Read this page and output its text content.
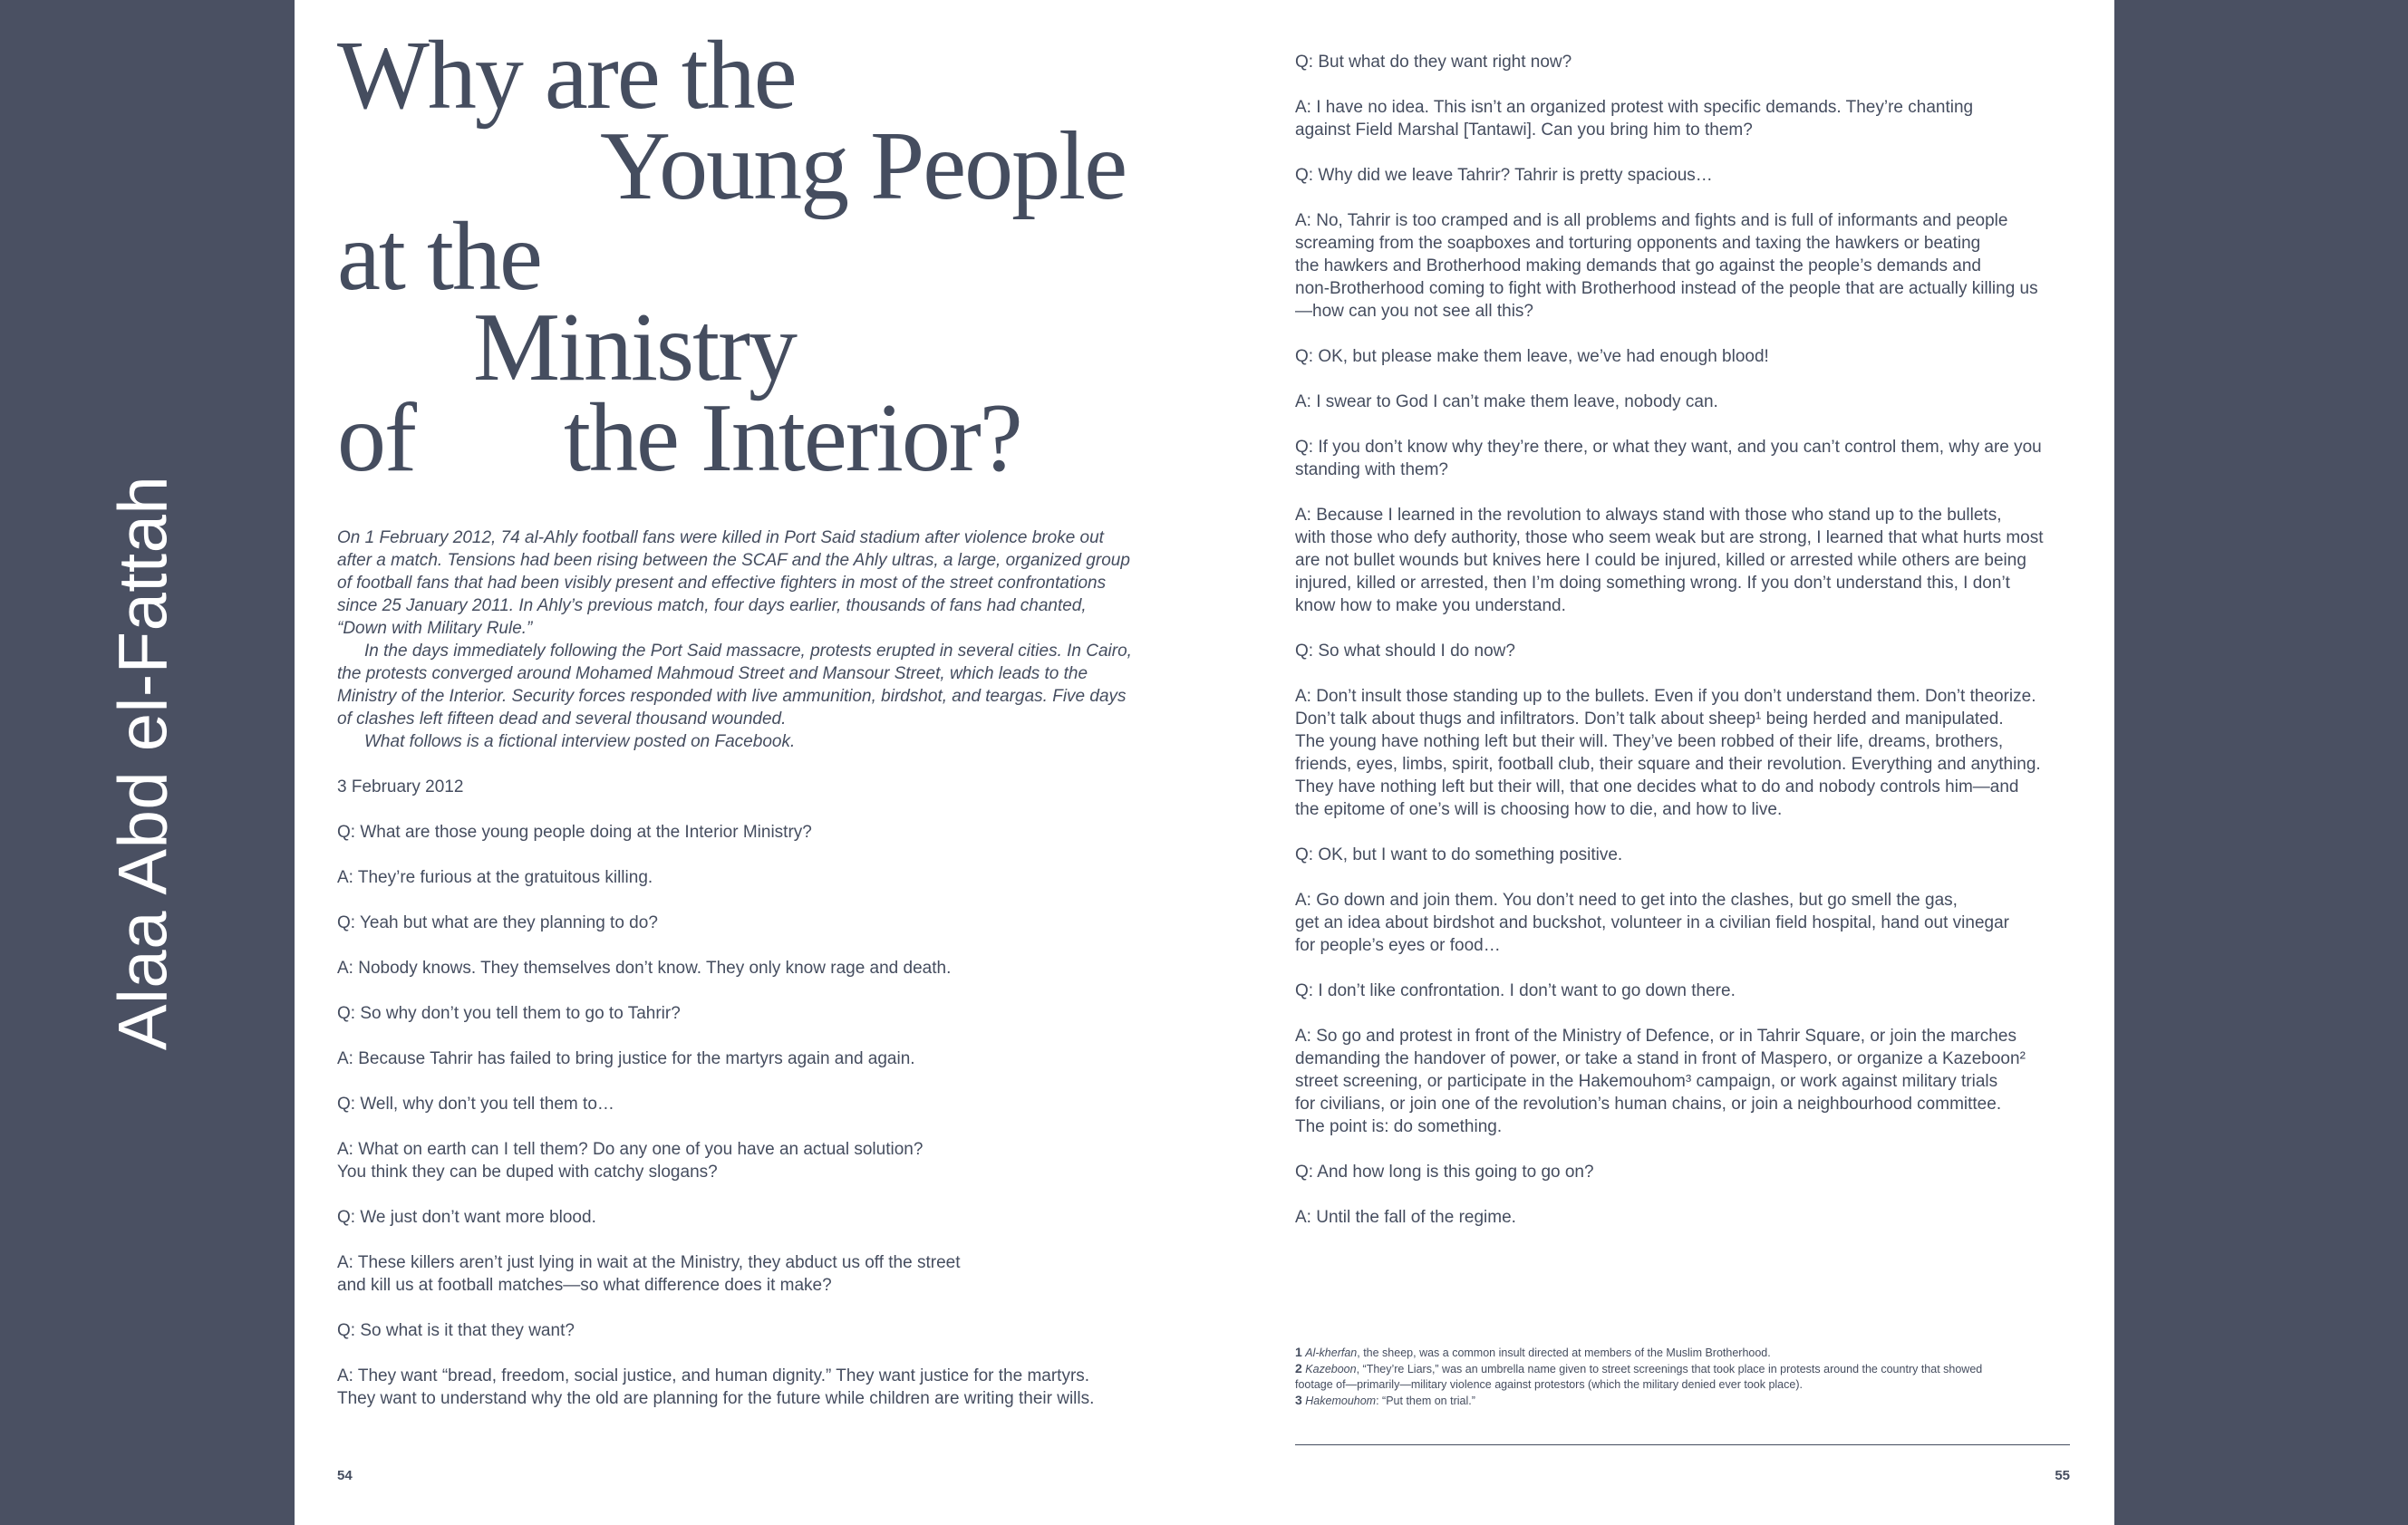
Alaa Abd el-Fattah
Why are the
Young People
at the
Ministry
of the Interior?

On 1 February 2012, 74 al-Ahly football fans were killed in Port Said stadium after violence broke out after a match. Tensions had been rising between the SCAF and the Ahly ultras, a large, organized group of football fans that had been visibly present and effective fighters in most of the street confrontations since 25 January 2011. In Ahly’s previous match, four days earlier, thousands of fans had chanted, “Down with Military Rule.”

In the days immediately following the Port Said massacre, protests erupted in several cities. In Cairo, the protests converged around Mohamed Mahmoud Street and Mansour Street, which leads to the Ministry of the Interior. Security forces responded with live ammunition, birdshot, and teargas. Five days of clashes left fifteen dead and several thousand wounded.

What follows is a fictional interview posted on Facebook.

3 February 2012

Q: What are those young people doing at the Interior Ministry?

A: They’re furious at the gratuitous killing.

Q: Yeah but what are they planning to do?

A: Nobody knows. They themselves don’t know. They only know rage and death.

Q: So why don’t you tell them to go to Tahrir?

A: Because Tahrir has failed to bring justice for the martyrs again and again.

Q: Well, why don’t you tell them to…

A: What on earth can I tell them? Do any one of you have an actual solution?
You think they can be duped with catchy slogans?

Q: We just don’t want more blood.

A: These killers aren’t just lying in wait at the Ministry, they abduct us off the street
and kill us at football matches—so what difference does it make?

Q: So what is it that they want?

A: They want “bread, freedom, social justice, and human dignity.” They want justice for the martyrs.
They want to understand why the old are planning for the future while children are writing their wills.

Q: But what do they want right now?

A: I have no idea. This isn’t an organized protest with specific demands. They’re chanting
against Field Marshal [Tantawi]. Can you bring him to them?

Q: Why did we leave Tahrir? Tahrir is pretty spacious…

A: No, Tahrir is too cramped and is all problems and fights and is full of informants and people
screaming from the soapboxes and torturing opponents and taxing the hawkers or beating
the hawkers and Brotherhood making demands that go against the people’s demands and
non-Brotherhood coming to fight with Brotherhood instead of the people that are actually killing us
—how can you not see all this?

Q: OK, but please make them leave, we’ve had enough blood!

A: I swear to God I can’t make them leave, nobody can.

Q: If you don’t know why they’re there, or what they want, and you can’t control them, why are you
standing with them?

A: Because I learned in the revolution to always stand with those who stand up to the bullets,
with those who defy authority, those who seem weak but are strong, I learned that what hurts most
are not bullet wounds but knives here I could be injured, killed or arrested while others are being
injured, killed or arrested, then I’m doing something wrong. If you don’t understand this, I don’t
know how to make you understand.

Q: So what should I do now?

A: Don’t insult those standing up to the bullets. Even if you don’t understand them. Don’t theorize.
Don’t talk about thugs and infiltrators. Don’t talk about sheep¹ being herded and manipulated.
The young have nothing left but their will. They’ve been robbed of their life, dreams, brothers,
friends, eyes, limbs, spirit, football club, their square and their revolution. Everything and anything.
They have nothing left but their will, that one decides what to do and nobody controls him—and
the epitome of one’s will is choosing how to die, and how to live.

Q: OK, but I want to do something positive.

A: Go down and join them. You don’t need to get into the clashes, but go smell the gas,
get an idea about birdshot and buckshot, volunteer in a civilian field hospital, hand out vinegar
for people’s eyes or food…

Q: I don’t like confrontation. I don’t want to go down there.

A: So go and protest in front of the Ministry of Defence, or in Tahrir Square, or join the marches
demanding the handover of power, or take a stand in front of Maspero, or organize a Kazeboon²
street screening, or participate in the Hakemouhom³ campaign, or work against military trials
for civilians, or join one of the revolution’s human chains, or join a neighbourhood committee.
The point is: do something.

Q: And how long is this going to go on?

A: Until the fall of the regime.

1 Al-kherfan, the sheep, was a common insult directed at members of the Muslim Brotherhood.

2 Kazeboon, “They’re Liars,” was an umbrella name given to street screenings that took place in protests around the country that showed footage of—primarily—military violence against protestors (which the military denied ever took place).

3 Hakemouhom: “Put them on trial.”

54	55
